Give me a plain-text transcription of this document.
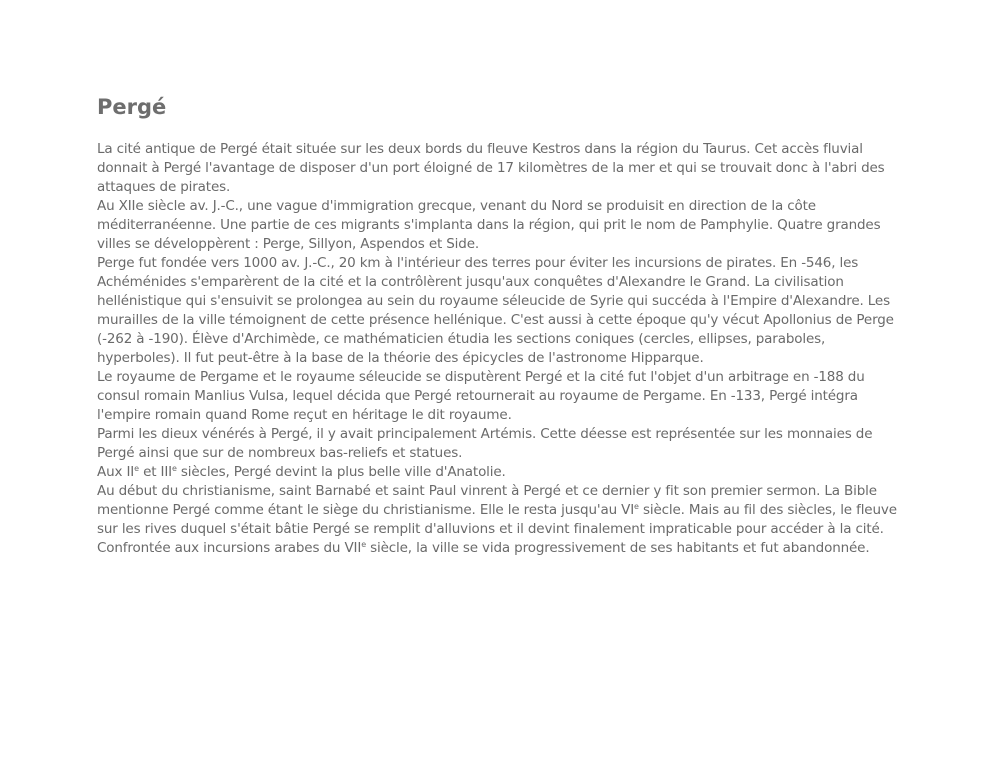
Pergé

La cité antique de Pergé était située sur les deux bords du fleuve Kestros dans la région du Taurus. Cet accès fluvial donnait à Pergé l'avantage de disposer d'un port éloigné de 17 kilomètres de la mer et qui se trouvait donc à l'abri des attaques de pirates.

Au XIIe siècle av. J.-C., une vague d'immigration grecque, venant du Nord se produisit en direction de la côte méditerranéenne. Une partie de ces migrants s'implanta dans la région, qui prit le nom de Pamphylie. Quatre grandes villes se développèrent : Perge, Sillyon, Aspendos et Side.

Perge fut fondée vers 1000 av. J.-C., 20 km à l'intérieur des terres pour éviter les incursions de pirates. En -546, les Achéménides s'emparèrent de la cité et la contrôlèrent jusqu'aux conquêtes d'Alexandre le Grand. La civilisation hellénistique qui s'ensuivit se prolongea au sein du royaume séleucide de Syrie qui succéda à l'Empire d'Alexandre. Les murailles de la ville témoignent de cette présence hellénique. C'est aussi à cette époque qu'y vécut Apollonius de Perge (-262 à -190). Élève d'Archimède, ce mathématicien étudia les sections coniques (cercles, ellipses, paraboles, hyperboles). Il fut peut-être à la base de la théorie des épicycles de l'astronome Hipparque.

Le royaume de Pergame et le royaume séleucide se disputèrent Pergé et la cité fut l'objet d'un arbitrage en -188 du consul romain Manlius Vulsa, lequel décida que Pergé retournerait au royaume de Pergame. En -133, Pergé intégra l'empire romain quand Rome reçut en héritage le dit royaume.

Parmi les dieux vénérés à Pergé, il y avait principalement Artémis. Cette déesse est représentée sur les monnaies de Pergé ainsi que sur de nombreux bas-reliefs et statues.

Aux IIe et IIIe siècles, Pergé devint la plus belle ville d'Anatolie.

Au début du christianisme, saint Barnabé et saint Paul vinrent à Pergé et ce dernier y fit son premier sermon. La Bible mentionne Pergé comme étant le siège du christianisme. Elle le resta jusqu'au VIe siècle. Mais au fil des siècles, le fleuve sur les rives duquel s'était bâtie Pergé se remplit d'alluvions et il devint finalement impraticable pour accéder à la cité.

Confrontée aux incursions arabes du VIIe siècle, la ville se vida progressivement de ses habitants et fut abandonnée.
